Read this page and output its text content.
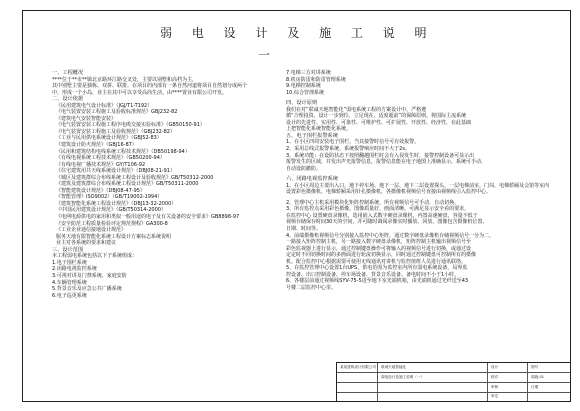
弱 电 设 计 及 施 工 说 明
一
一、工程概况
****位于**市**镇北京路环江路交叉处，主要以别墅和高档为主，
其中别墅主要是独栋、双拼、联排。在项目的内部有一条自然河道将项目自然划分成两个
中，形成一个小岛，业主在其中可以享受高尚生活。由****置业有限公司开发。
二、设计依据
《民用建筑电气设计标准》（JGJ/T1-T192）
《电气装置安装工程施工及验收标准规范》GBJ232-82
《建筑电气安装智能安装》
《电气装置安装工程施工程序电缆交接实验标准》（GB50150-91）
《电气装置安装工程施工及验收规范》（GBJ232-82）
《工业与民用供电系统设计规范》（GBJ52-83）
《建筑设计防火规范》（GBJ16-87）
《民用和建筑结构电线系统工程技术规范》（DB50198-94）
《有线电视系统工程技术规范》（GB50200-94）
《有线电视广播技术规范》GY/T106-92
《住宅建筑用共天线系统设计规范》（DBJ08-21-91）
《城区及建筑群综合布线系统工程设计及验收规范》GB/T50312-2000
《建筑及建筑群综合布线系统工程设计规范》GB/T50311-2000
《智能建筑设计规范》（DBJ08-47-95）
《智能管理》ISO9002）（GB/T19002-1994）
《建筑智能化系统工程设计规范》（DBJ13-32-2000）
《中国民用建筑设计规范》（GB/T50314-2000）
《电网电源供电的家用和类似一般用途的电子及有关设备的安全要求》GB8898-97
《安全防范工程质量检验评定规范规程》GA300-8
《工业企业通信接地设计规范》
服务天地有限智能化系统工程设计方案标志系统说明
业主对各系统的要求和建议
三、设计范围
本工程弱电系统包括以下子系统组成：
1.电子围栏系统
2.闭路电视监控系统
3.可视对讲及门禁系统、家庭安防
4.车辆管理系统
5.背景音乐及应急公共广播系统
6.电子巡更系统
7.电梯三方对讲系统
8.机房防雷和防雷管理系统
9.电梯控制系统
10.综合管理系统
四、设计原则
我们在对“联诚天地智能化”弱电系统工程的方案设计中，严格遵
循“合理投资、设计一步到位、立足现在、适度超前”的保障原则，将国际主流系统
设计的先进性、实用性、可靠性、可维护性、可扩展性、开放性、经济性，在此基础
上把智能化系统智能化系统。
五、电子围栏报警系统
1、在小区四周安装电子围栏，当其接警时信号可有效报警。
2、采用总线式报警系统，系统报警响应时间不大于2s。
3、系统功能：在设防状态下按照翻越围栏时会有入侵发生时，接警控制设备可显示出
报警发生的区域，并发出声光报警信息，报警信息能在电子地图上准确显示，系统可手动、
自动设防撤防。
六、闭路电视监控系统
1、在小区周边主要出入口，地下停车场、地下一层、地下二层设置探头，一层电梯前室，门岗、电梯轿厢及会馆等室内
设置彩色摄像机、电梯轿厢采用针孔摄像机，各摄像机视频信号直接由视频线引入监控中心。
2、管理中心主机采用模块化矩阵控制系统，所有视频信号可手动、自动切换。
3、所有监控点采用彩色摄像，图像质量好，画面清晰，可满足显示安全看的要求，
在监控中心 设置硬盘录像机，选用嵌入式数字硬盘录像机，内置高速硬盘，容量不低于
视频存储保存时间30天的空间，并可随时调阅录像实时播放、回放，图像包含摄像机位置、
日期、时间等。
4、前端摄像机视频信号分别接入监控中心矩阵，通过数字硬盘录像机存储视频信号一分为二，
一路接入矩阵控制主机，另一路接入数字硬盘录像机，矩阵控制主机输出视频信号至
彩色监视器上进行显示，通过控制键盘操作可将输入的视频信号进行切换，或通过设
定定时不同切换时间的多画面进行轮流切换显示，同时通过控制键盘可控制所有的摄像
机。配合监控中心根据需要可使用无线通讯对讲机与监控值班人员进行通讯联络。
5、在监控管理中心设置1台UPS，供电范围为监控室内所有弱电系统设备，局界监
控设备、出口控制设备、停车场设备、背景音乐设备。备电时间不小于1小时。
6、各楼层前通过视频线SYV-75-5进至地下室光端机箱，由光端机通过光纤送至43
号楼二层监控中心里。
某某建筑设计有限公司
弱电设计及施工说明（一）
联诚天地智能化	设计
校对
审核
审定
图号
弱施-01
日期
